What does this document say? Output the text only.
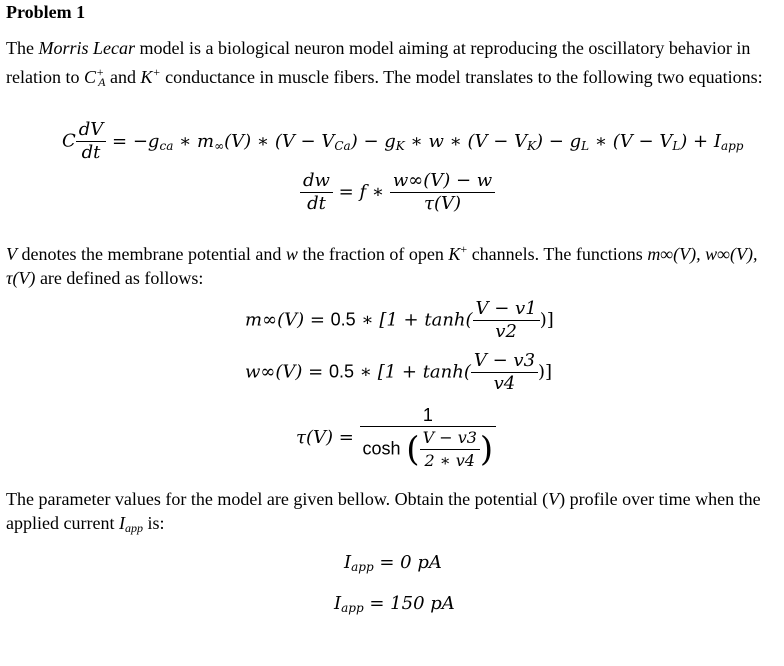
Problem 1
The Morris Lecar model is a biological neuron model aiming at reproducing the oscillatory behavior in relation to $C^+_A$ and K+ conductance in muscle fibers. The model translates to the following two equations:
C $\frac{dV}{dt} = -g_{ca}$ ∗ $m_\infty(V)$ ∗ $(V - V_{Ca}) - g_K$ ∗ w ∗ $(V - V_K) - g_L$ ∗ $(V - V_L) + I_{app}$
$\frac{dw}{dt} = f$ ∗ $\frac{w\infty(V) - w}{\tau(V)}$
V denotes the membrane potential and w the fraction of open K+ channels. The functions m∞(V), w∞(V), τ(V) are defined as follows:
m∞(V) = 0.5 ∗ [$1 + \tanh( \frac{V - v1}{v2}$ )]
w∞(V) = 0.5 ∗ [$1 + \tanh( \frac{V - v3}{v4}$ )]
$\tau(V) = \frac{1}{\cosh ( \frac{V - v3}{2 ∗ v4} )}$
The parameter values for the model are given bellow. Obtain the potential (V) profile over time when the applied current $I_{app}$ is:
$I_{app} = 0$ pA
$I_{app} = 150$ pA
